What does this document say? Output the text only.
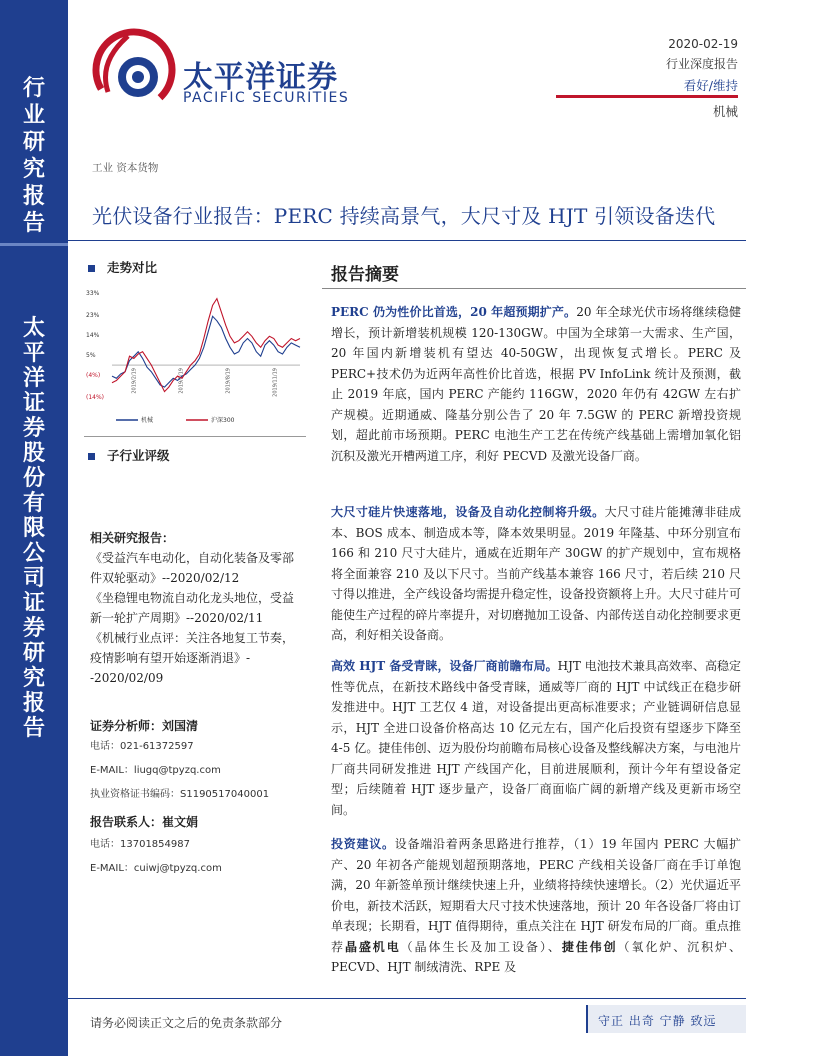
行
业
研
究
报
告
太
平
洋
证
券
股
份
有
限
公
司
证
券
研
究
报
告
太平洋证券
PACIFIC SECURITIES
2020-02-19
行业深度报告
看好/维持
机械
工业 资本货物
光伏设备行业报告：PERC 持续高景气，大尺寸及 HJT 引领设备迭代
走势对比
33%
23%
14%
5%
(4%)
(14%)
2019/2/19	2019/5/19	2019/8/19	2019/11/19
机械	沪深300
子行业评级
相关研究报告：
《受益汽车电动化，自动化装备及零部件双轮驱动》--2020/02/12
《坐稳锂电物流自动化龙头地位，受益新一轮扩产周期》--2020/02/11
《机械行业点评：关注各地复工节奏，疫情影响有望开始逐渐消退》--2020/02/09
证券分析师：刘国清
电话：021-61372597
E-MAIL：liugq@tpyzq.com
执业资格证书编码：S1190517040001
报告联系人：崔文娟
电话：13701854987
E-MAIL：cuiwj@tpyzq.com
报告摘要
PERC 仍为性价比首选，20 年超预期扩产。20 年全球光伏市场将继续稳健增长，预计新增装机规模 120-130GW。中国为全球第一大需求、生产国，20 年国内新增装机有望达 40-50GW，出现恢复式增长。PERC 及 PERC+技术仍为近两年高性价比首选，根据 PV InfoLink 统计及预测，截止 2019 年底，国内 PERC 产能约 116GW，2020 年仍有 42GW 左右扩产规模。近期通威、隆基分别公告了 20 年 7.5GW 的 PERC 新增投资规划，超此前市场预期。PERC 电池生产工艺在传统产线基础上需增加氧化铝沉积及激光开槽两道工序，利好 PECVD 及激光设备厂商。
大尺寸硅片快速落地，设备及自动化控制将升级。大尺寸硅片能摊薄非硅成本、BOS 成本、制造成本等，降本效果明显。2019 年隆基、中环分别宣布 166 和 210 尺寸大硅片，通威在近期年产 30GW 的扩产规划中，宣布规格将全面兼容 210 及以下尺寸。当前产线基本兼容 166 尺寸，若后续 210 尺寸得以推进，全产线设备均需提升稳定性，设备投资额将上升。大尺寸硅片可能使生产过程的碎片率提升，对切磨抛加工设备、内部传送自动化控制要求更高，利好相关设备商。
高效 HJT 备受青睐，设备厂商前瞻布局。HJT 电池技术兼具高效率、高稳定性等优点，在新技术路线中备受青睐，通威等厂商的 HJT 中试线正在稳步研发推进中。HJT 工艺仅 4 道，对设备提出更高标准要求；产业链调研信息显示，HJT 全进口设备价格高达 10 亿元左右，国产化后投资有望逐步下降至 4-5 亿。捷佳伟创、迈为股份均前瞻布局核心设备及整线解决方案，与电池片厂商共同研发推进 HJT 产线国产化，目前进展顺利，预计今年有望设备定型；后续随着 HJT 逐步量产，设备厂商面临广阔的新增产线及更新市场空间。
投资建议。设备端沿着两条思路进行推荐，（1）19 年国内 PERC 大幅扩产、20 年初各产能规划超预期落地，PERC 产线相关设备厂商在手订单饱满，20 年新签单预计继续快速上升，业绩将持续快速增长。（2）光伏逼近平价电，新技术活跃，短期看大尺寸技术快速落地，预计 20 年各设备厂将由订单表现；长期看，HJT 值得期待，重点关注在 HJT 研发布局的厂商。重点推荐晶盛机电（晶体生长及加工设备）、捷佳伟创（氧化炉、沉积炉、PECVD、HJT 制绒清洗、RPE 及
请务必阅读正文之后的免责条款部分	守正 出奇 宁静 致远
